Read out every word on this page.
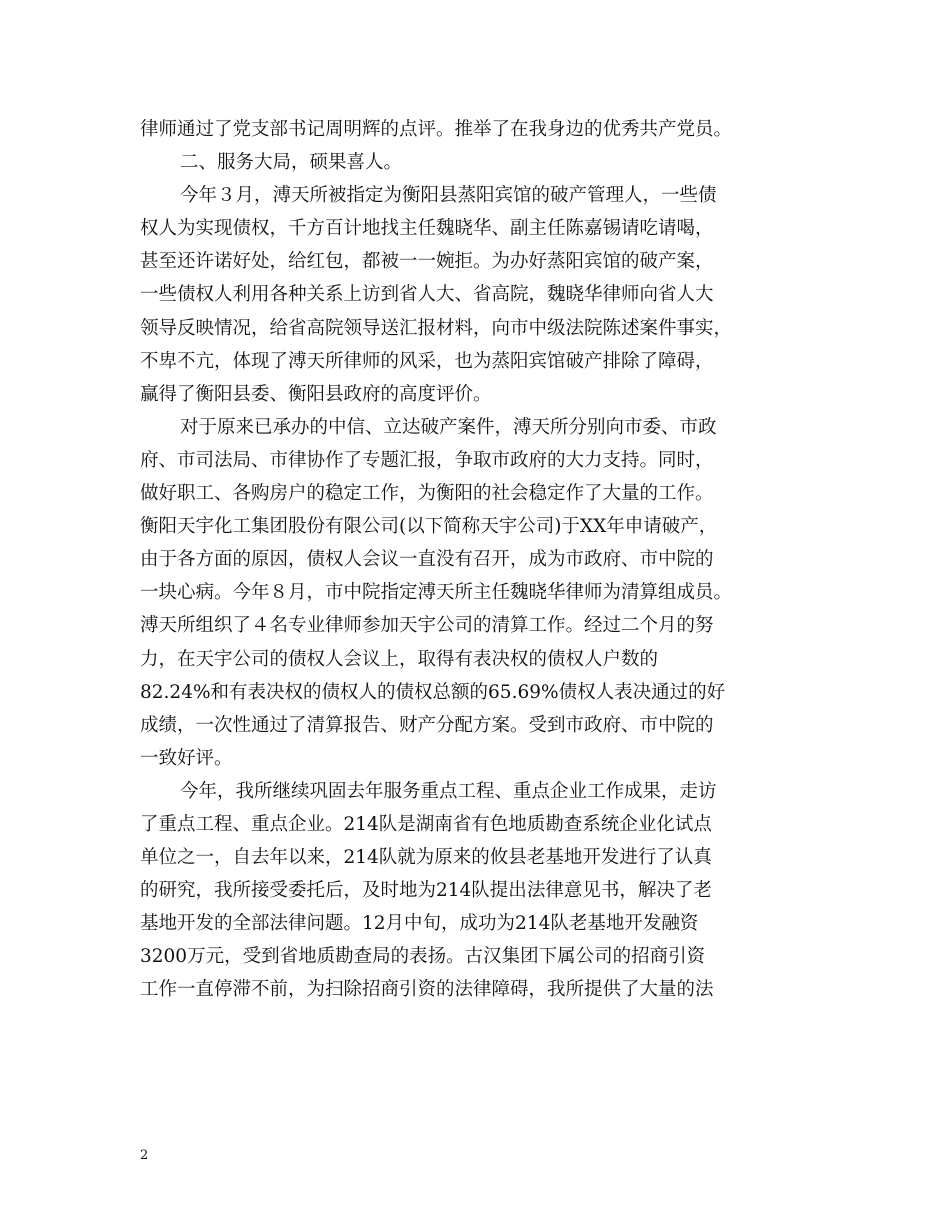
律师通过了党支部书记周明辉的点评。推举了在我身边的优秀共产党员。
二、服务大局，硕果喜人。
今年３月，溥天所被指定为衡阳县蒸阳宾馆的破产管理人，一些债
权人为实现债权，千方百计地找主任魏晓华、副主任陈嘉锡请吃请喝，
甚至还许诺好处，给红包，都被一一婉拒。为办好蒸阳宾馆的破产案，
一些债权人利用各种关系上访到省人大、省高院，魏晓华律师向省人大
领导反映情况，给省高院领导送汇报材料，向市中级法院陈述案件事实，
不卑不亢，体现了溥天所律师的风采，也为蒸阳宾馆破产排除了障碍，
赢得了衡阳县委、衡阳县政府的高度评价。
对于原来已承办的中信、立达破产案件，溥天所分别向市委、市政
府、市司法局、市律协作了专题汇报，争取市政府的大力支持。同时，
做好职工、各购房户的稳定工作，为衡阳的社会稳定作了大量的工作。
衡阳天宇化工集团股份有限公司(以下简称天宇公司)于XX年申请破产，
由于各方面的原因，债权人会议一直没有召开，成为市政府、市中院的
一块心病。今年８月，市中院指定溥天所主任魏晓华律师为清算组成员。
溥天所组织了４名专业律师参加天宇公司的清算工作。经过二个月的努
力，在天宇公司的债权人会议上，取得有表决权的债权人户数的
82.24%和有表决权的债权人的债权总额的65.69%债权人表决通过的好
成绩，一次性通过了清算报告、财产分配方案。受到市政府、市中院的
一致好评。
今年，我所继续巩固去年服务重点工程、重点企业工作成果，走访
了重点工程、重点企业。214队是湖南省有色地质勘查系统企业化试点
单位之一，自去年以来，214队就为原来的攸县老基地开发进行了认真
的研究，我所接受委托后，及时地为214队提出法律意见书，解决了老
基地开发的全部法律问题。12月中旬，成功为214队老基地开发融资
3200万元，受到省地质勘查局的表扬。古汉集团下属公司的招商引资
工作一直停滞不前，为扫除招商引资的法律障碍，我所提供了大量的法
2
